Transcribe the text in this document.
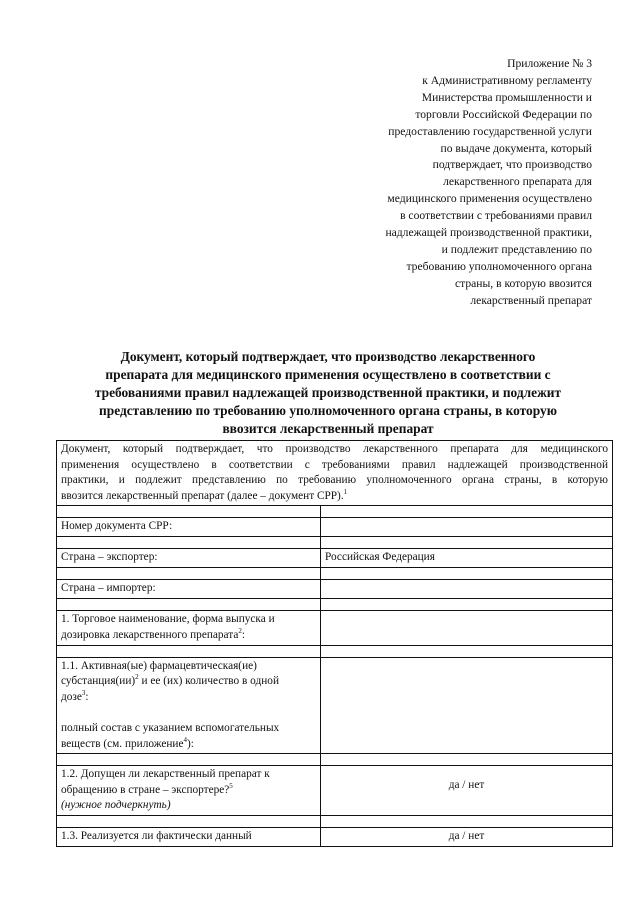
Приложение № 3
к Административному регламенту
Министерства промышленности и
торговли Российской Федерации по
предоставлению государственной услуги
по выдаче документа, который
подтверждает, что производство
лекарственного препарата для
медицинского применения осуществлено
в соответствии с требованиями правил
надлежащей производственной практики,
и подлежит представлению по
требованию уполномоченного органа
страны, в которую ввозится
лекарственный препарат
Документ, который подтверждает, что производство лекарственного
препарата для медицинского применения осуществлено в соответствии с
требованиями правил надлежащей производственной практики, и подлежит
представлению по требованию уполномоченного органа страны, в которую
ввозится лекарственный препарат
Документ, который подтверждает, что производство лекарственного препарата для медицинского
применения осуществлено в соответствии с требованиями правил надлежащей производственной
практики, и подлежит представлению по требованию уполномоченного органа страны, в которую
ввозится лекарственный препарат (далее – документ СРР).$^1$

Номер документа СРР:	

Страна – экспортер:	Российская Федерация

Страна – импортер:	

1. Торговое наименование, форма выпуска и
дозировка лекарственного препарата$^2$:	

1.1. Активная(ые) фармацевтическая(ие)
субстанция(ии)$^2$ и ее (их) количество в одной
дозе$^3$:
полный состав с указанием вспомогательных
веществ (см. приложение$^4$):	

1.2. Допущен ли лекарственный препарат к
обращению в стране – экспортере?$^5$
(нужное подчеркнуть)	да / нет

1.3. Реализуется ли фактически данный	да / нет
